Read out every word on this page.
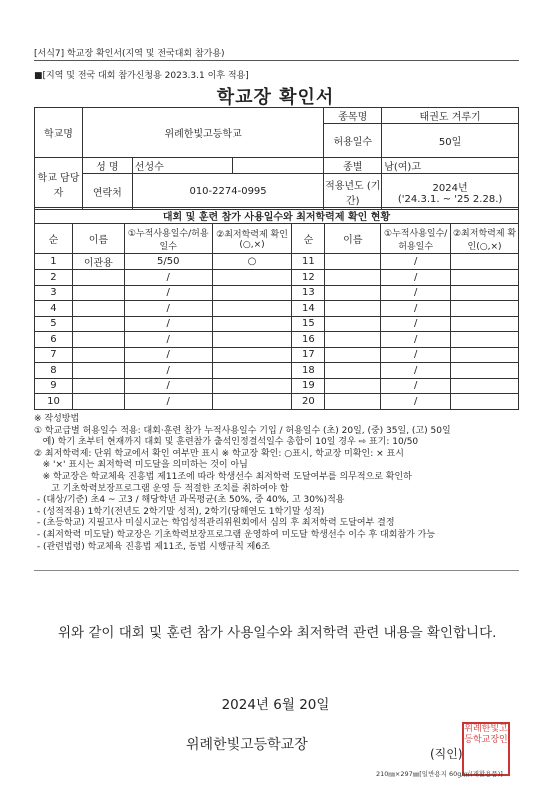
[서식7] 학교장 확인서(지역 및 전국대회 참가용)
■[지역 및 전국 대회 참가신청용 2023.3.1 이후 적용]
학교장 확인서
학교명	위례한빛고등학교			종목명	태권도 겨루기
				허용일수	50일

학교 담당자	성 명	선성수		종별	남(여)고
	연락처	010-2274-0995		적용년도 (기간)	2024년
('24.3.1. ~ '25 2.28.)

대회 및 훈련 참가 사용일수와 최저학력제 확인 현황							
순	이름	①누적사용일수/허용일수	②최저학력제 확인(○,×)	순	이름	①누적사용일수/허용일수	②최저학력제 확인(○,×)
1	이관용	5/50	○	11		/	
2		/		12		/	
3		/		13		/	
4		/		14		/	
5		/		15		/	
6		/		16		/	
7		/		17		/	
8		/		18		/	
9		/		19		/	
10		/		20		/	
※ 작성방법
① 학교급별 허용일수 적용: 대회·훈련 참가 누적사용일수 기입 / 허용일수 (초) 20일, (중) 35일, (고) 50일
예) 학기 초부터 현재까지 대회 및 훈련참가 출석인정결석일수 총합이 10일 경우 ⇨ 표기: 10/50
② 최저학력제: 단위 학교에서 확인 여부만 표시 ※ 학교장 확인: ○표시, 학교장 미확인: × 표시
※ '×' 표시는 최저학력 미도달을 의미하는 것이 아님
※ 학교장은 학교체육 진흥법 제11조에 따라 학생선수 최저학력 도달여부를 의무적으로 확인하
고 기초학력보장프로그램 운영 등 적절한 조치를 취하여야 함
- (대상/기준) 초4 ~ 고3 / 해당학년 과목평균(초 50%, 중 40%, 고 30%)적용
- (성적적용) 1학기(전년도 2학기말 성적), 2학기(당해연도 1학기말 성적)
- (초등학교) 지필고사 미실시교는 학업성적관리위원회에서 심의 후 최저학력 도달여부 결정
- (최저학력 미도달) 학교장은 기초학력보장프로그램 운영하여 미도달 학생선수 이수 후 대회참가 가능
- (관련법령) 학교체육 진흥법 제11조, 동법 시행규칙 제6조
위와 같이 대회 및 훈련 참가 사용일수와 최저학력 관련 내용을 확인합니다.
2024년 6월 20일
위례한빛고등학교장
(직인)
위례한빛고등학교장인
210㎜×297㎜[일반용지 60g/㎡(재활용품)]
